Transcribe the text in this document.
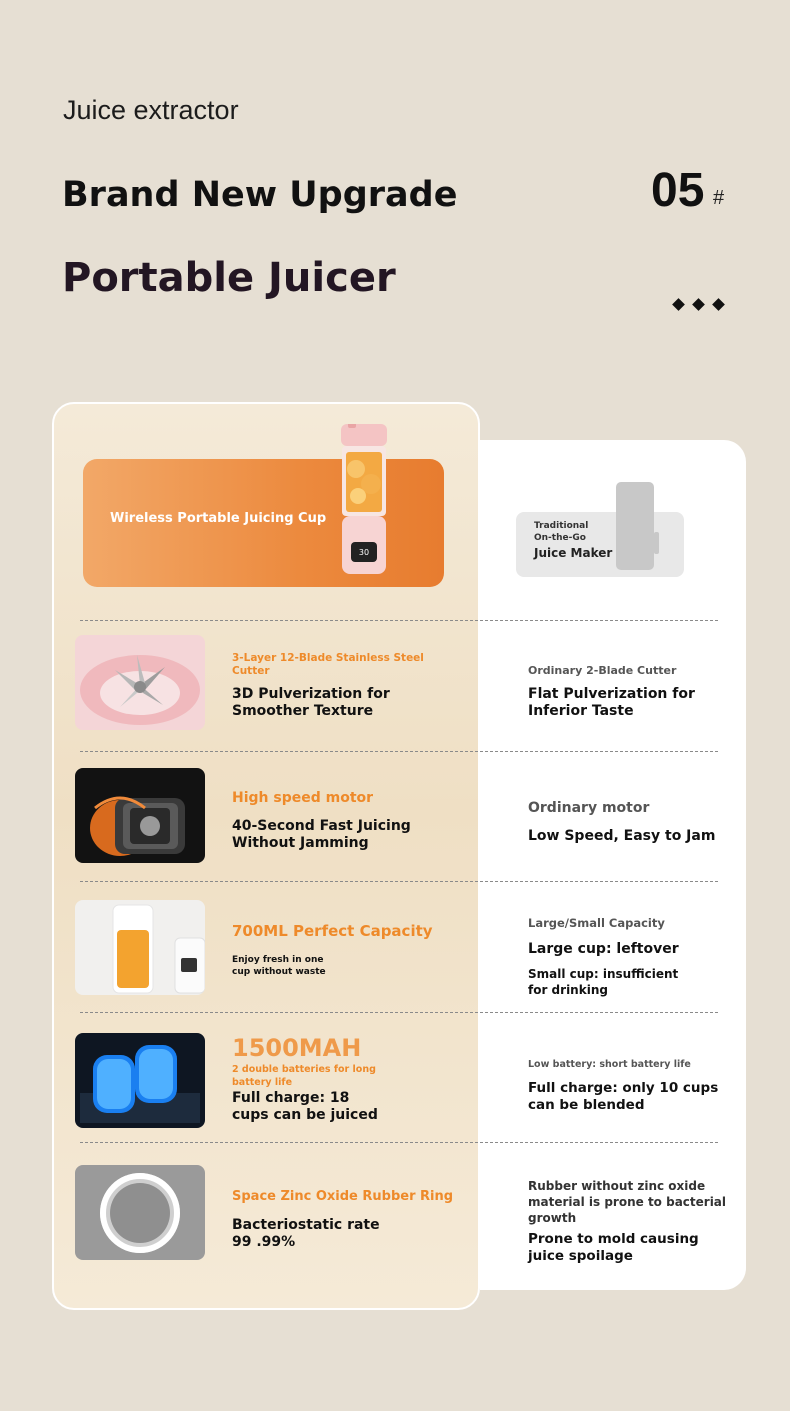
Juice extractor
Brand New Upgrade
Portable Juicer
05 #
Wireless Portable Juicing Cup
30
Traditional
On-the-Go
Juice Maker
3-Layer 12-Blade Stainless Steel Cutter
3D Pulverization for Smoother Texture
Ordinary 2-Blade Cutter
Flat Pulverization for Inferior Taste
High speed motor
40-Second Fast Juicing Without Jamming
Ordinary motor
Low Speed, Easy to Jam
700ML Perfect Capacity
Enjoy fresh in one cup without waste
Large/Small Capacity
Large cup: leftover
Small cup: insufficient for drinking
1500MAH
2 double batteries for long battery life
Full charge: 18 cups can be juiced
Low battery: short battery life
Full charge: only 10 cups can be blended
Space Zinc Oxide Rubber Ring
Bacteriostatic rate 99 .99%
Rubber without zinc oxide material is prone to bacterial growth
Prone to mold causing juice spoilage
